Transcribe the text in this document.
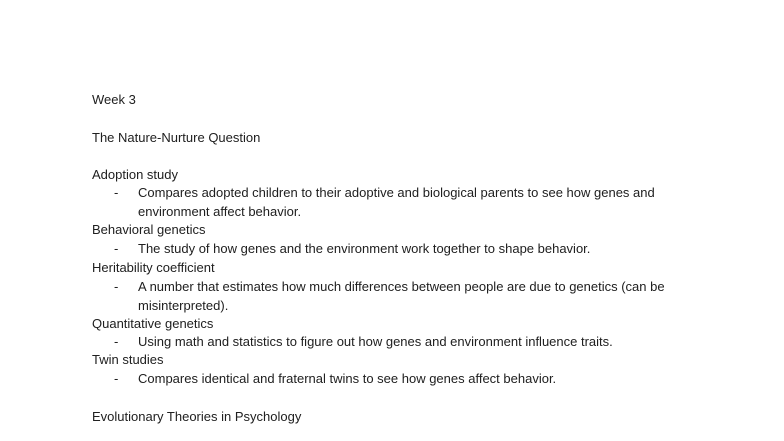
Week 3
The Nature-Nurture Question
Adoption study
- Compares adopted children to their adoptive and biological parents to see how genes and environment affect behavior.
Behavioral genetics
- The study of how genes and the environment work together to shape behavior.
Heritability coefficient
- A number that estimates how much differences between people are due to genetics (can be misinterpreted).
Quantitative genetics
- Using math and statistics to figure out how genes and environment influence traits.
Twin studies
- Compares identical and fraternal twins to see how genes affect behavior.
Evolutionary Theories in Psychology
